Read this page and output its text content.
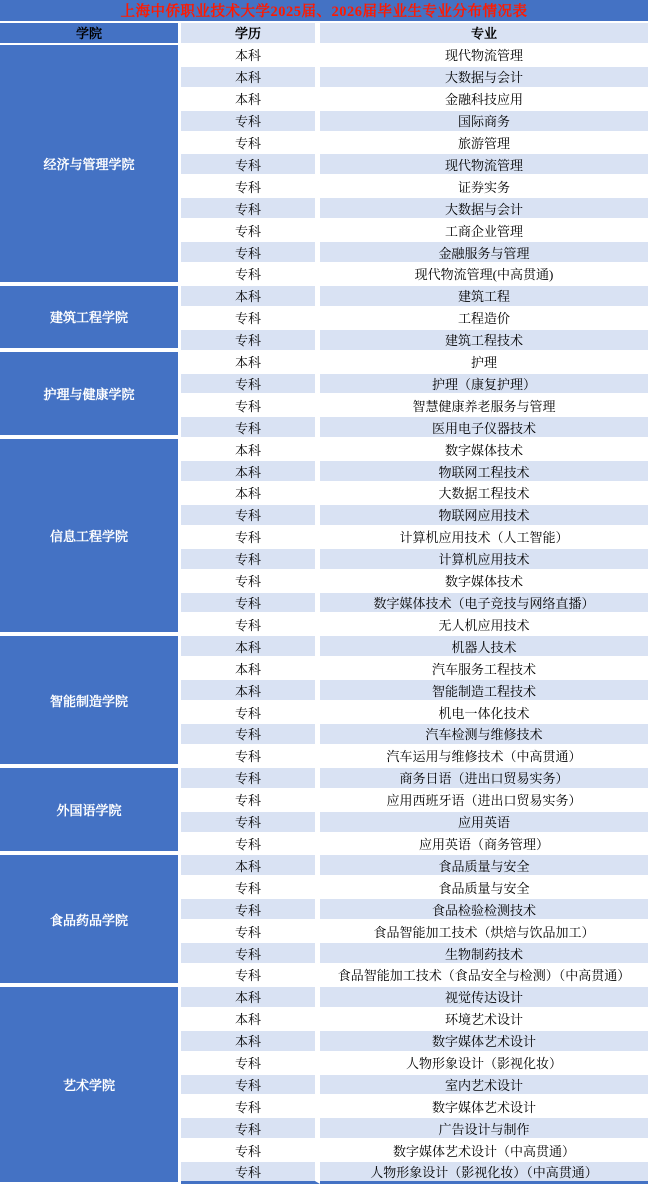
上海中侨职业技术大学2025届、2026届毕业生专业分布情况表
学院	学历	专业
经济与管理学院
本科	现代物流管理
本科	大数据与会计
本科	金融科技应用
专科	国际商务
专科	旅游管理
专科	现代物流管理
专科	证券实务
专科	大数据与会计
专科	工商企业管理
专科	金融服务与管理
专科	现代物流管理(中高贯通)
建筑工程学院
本科	建筑工程
专科	工程造价
专科	建筑工程技术
护理与健康学院
本科	护理
专科	护理（康复护理）
专科	智慧健康养老服务与管理
专科	医用电子仪器技术
信息工程学院
本科	数字媒体技术
本科	物联网工程技术
本科	大数据工程技术
专科	物联网应用技术
专科	计算机应用技术（人工智能）
专科	计算机应用技术
专科	数字媒体技术
专科	数字媒体技术（电子竞技与网络直播）
专科	无人机应用技术
智能制造学院
本科	机器人技术
本科	汽车服务工程技术
本科	智能制造工程技术
专科	机电一体化技术
专科	汽车检测与维修技术
专科	汽车运用与维修技术（中高贯通）
外国语学院
专科	商务日语（进出口贸易实务）
专科	应用西班牙语（进出口贸易实务）
专科	应用英语
专科	应用英语（商务管理）
食品药品学院
本科	食品质量与安全
专科	食品质量与安全
专科	食品检验检测技术
专科	食品智能加工技术（烘焙与饮品加工）
专科	生物制药技术
专科	食品智能加工技术（食品安全与检测）（中高贯通）
艺术学院
本科	视觉传达设计
本科	环境艺术设计
本科	数字媒体艺术设计
专科	人物形象设计（影视化妆）
专科	室内艺术设计
专科	数字媒体艺术设计
专科	广告设计与制作
专科	数字媒体艺术设计（中高贯通）
专科	人物形象设计（影视化妆）（中高贯通）
